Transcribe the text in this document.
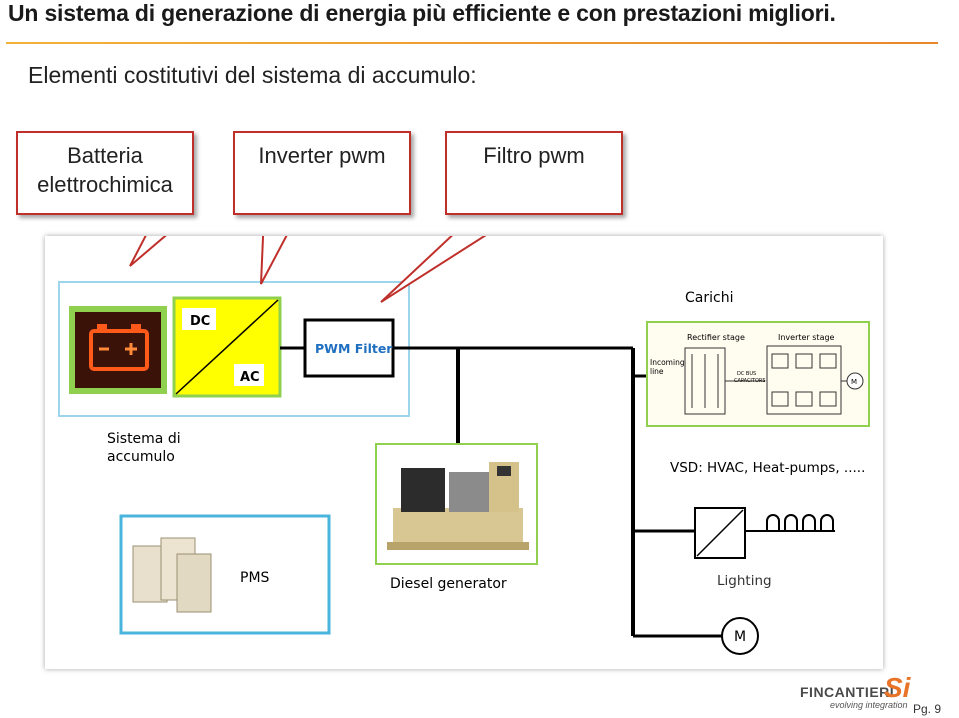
Un sistema di generazione di energia più efficiente e con prestazioni migliori.
Elementi costitutivi del sistema di accumulo:
Batteria
elettrochimica
Inverter pwm	Filtro pwm
DC
AC
PWM Filter
Sistema di
accumulo
Carichi
Rectifier stage	Inverter stage
Incoming
line	DC BUS
CAPACITORS	M
VSD: HVAC, Heat-pumps, .....
Lighting
M
Diesel generator
PMS
FINCANTIERI
Si
evolving integration Pg. 9
